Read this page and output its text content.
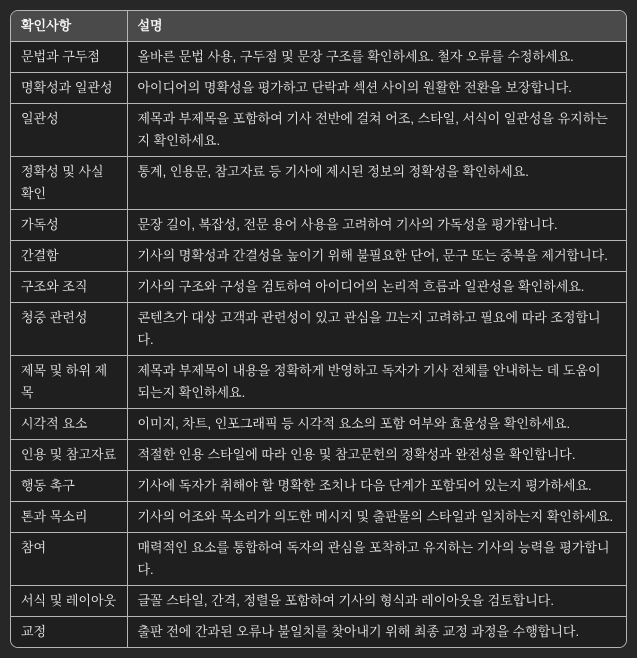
확인사항	설명
문법과 구두점	올바른 문법 사용, 구두점 및 문장 구조를 확인하세요. 철자 오류를 수정하세요.
명확성과 일관성	아이디어의 명확성을 평가하고 단락과 섹션 사이의 원활한 전환을 보장합니다.
일관성	제목과 부제목을 포함하여 기사 전반에 걸쳐 어조, 스타일, 서식이 일관성을 유지하는지 확인하세요.
정확성 및 사실 확인	통계, 인용문, 참고자료 등 기사에 제시된 정보의 정확성을 확인하세요.
가독성	문장 길이, 복잡성, 전문 용어 사용을 고려하여 기사의 가독성을 평가합니다.
간결함	기사의 명확성과 간결성을 높이기 위해 불필요한 단어, 문구 또는 중복을 제거합니다.
구조와 조직	기사의 구조와 구성을 검토하여 아이디어의 논리적 흐름과 일관성을 확인하세요.
청중 관련성	콘텐츠가 대상 고객과 관련성이 있고 관심을 끄는지 고려하고 필요에 따라 조정합니다.
제목 및 하위 제목	제목과 부제목이 내용을 정확하게 반영하고 독자가 기사 전체를 안내하는 데 도움이 되는지 확인하세요.
시각적 요소	이미지, 차트, 인포그래픽 등 시각적 요소의 포함 여부와 효율성을 확인하세요.
인용 및 참고자료	적절한 인용 스타일에 따라 인용 및 참고문헌의 정확성과 완전성을 확인합니다.
행동 촉구	기사에 독자가 취해야 할 명확한 조치나 다음 단계가 포함되어 있는지 평가하세요.
톤과 목소리	기사의 어조와 목소리가 의도한 메시지 및 출판물의 스타일과 일치하는지 확인하세요.
참여	매력적인 요소를 통합하여 독자의 관심을 포착하고 유지하는 기사의 능력을 평가합니다.
서식 및 레이아웃	글꼴 스타일, 간격, 정렬을 포함하여 기사의 형식과 레이아웃을 검토합니다.
교정	출판 전에 간과된 오류나 불일치를 찾아내기 위해 최종 교정 과정을 수행합니다.
